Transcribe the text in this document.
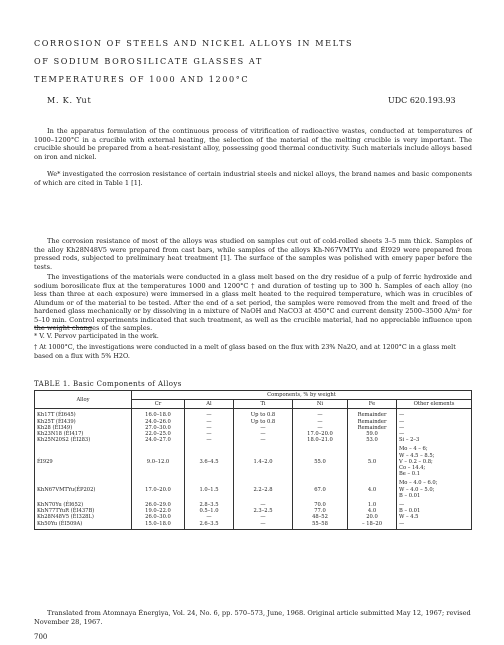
CORROSION OF STEELS AND NICKEL ALLOYS IN MELTS
OF SODIUM BOROSILICATE GLASSES AT
TEMPERATURES OF 1000 AND 1200°C
M. K. Yut	UDC 620.193.93

In the apparatus formulation of the continuous process of vitrification of radioactive wastes, conducted at temperatures of 1000–1200°C in a crucible with external heating, the selection of the material of the melting crucible is very important. The crucible should be prepared from a heat-resistant alloy, possessing good thermal conductivity. Such materials include alloys based on iron and nickel.

We* investigated the corrosion resistance of certain industrial steels and nickel alloys, the brand names and basic components of which are cited in Table 1 [1].

The corrosion resistance of most of the alloys was studied on samples cut out of cold-rolled sheets 3–5 mm thick. Samples of the alloy Kh28N48V5 were prepared from cast bars, while samples of the alloys Kh-N67VMTYu and ÉI929 were prepared from pressed rods, subjected to preliminary heat treatment [1]. The surface of the samples was polished with emery paper before the tests.

The investigations of the materials were conducted in a glass melt based on the dry residue of a pulp of ferric hydroxide and sodium borosilicate flux at the temperatures 1000 and 1200°C † and duration of testing up to 300 h. Samples of each alloy (no less than three at each exposure) were immersed in a glass melt heated to the required temperature, which was in crucibles of Alundum or of the material to be tested. After the end of a set period, the samples were removed from the melt and freed of the hardened glass mechanically or by dissolving in a mixture of NaOH and NaCO3 at 450°C and current density 2500–3500 A/m² for 5–10 min. Control experiments indicated that such treatment, as well as the crucible material, had no appreciable influence upon the weight changes of the samples.

* V. V. Pervov participated in the work.

† At 1000°C, the investigations were conducted in a melt of glass based on the flux with 23% Na2O, and at 1200°C in a glass melt based on a flux with 5% H2O.

TABLE 1. Basic Components of Alloys
Alloy	Components, % by weight					
	Cr	Al	Ti	Ni	Fe	Other elements
Kh17T (ÉI645)	16.0–18.0	—	Up to 0.8	—	Remainder	—
Kh25T (ÉI439)	24.0–26.0	—	Up to 0.8	—	Remainder	—
Kh28 (ÉI349)	27.0–30.0	—	—	—	Remainder	—
Kh23N18 (ÉI417)	22.0–25.0	—	—	17.0–20.0	59.0	—
Kh25N20S2 (ÉI283)	24.0–27.0	—	—	18.0–21.0	53.0	Si – 2–3
						Mo – 4 – 6;
						W – 4.5 – 8.5;
ÉI929	9.0–12.0	3.6–4.5	1.4–2.0	55.0	5.0	V – 0.2 – 0.8;
						Co – 14.4;
						Be – 0.1
						Mo – 4.0 – 6.0;
KhN67VMTYu(ÉP202)	17.0–20.0	1.0–1.5	2.2–2.8	67.0	4.0	W – 4.0 – 5.0;
						B – 0.01
KhN70Yu (ÉI652)	26.0–29.0	2.8–3.5	—	70.0	1.0	—
KhN77TYuR (ÉI437B)	19.0–22.0	0.5–1.0	2.3–2.5	77.0	4.0	B – 0.01
Kh28N48V5 (ÉI328L)	26.0–30.0	—	—	48–52	20.0	W – 4.5
Kh50Yu (ÉI509A)	15.0–18.0	2.6–3.5	—	55–58	– 18–20	—

Translated from Atomnaya Énergiya, Vol. 24, No. 6, pp. 570–573, June, 1968. Original article submitted May 12, 1967; revised November 28, 1967.

700
